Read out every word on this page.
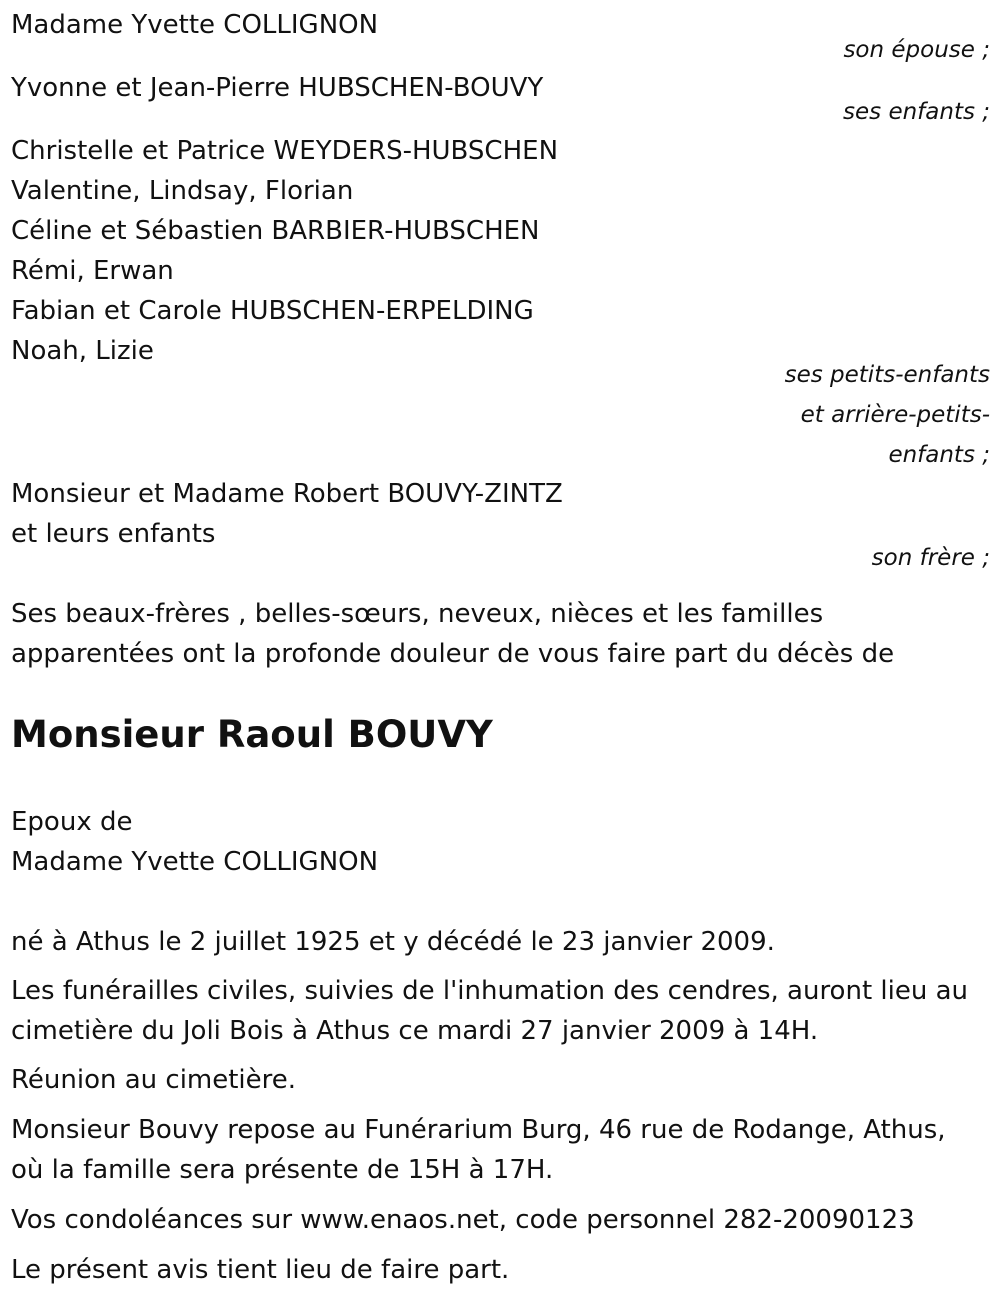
Madame Yvette COLLIGNON
son épouse ;
Yvonne et Jean-Pierre HUBSCHEN-BOUVY
ses enfants ;
Christelle et Patrice WEYDERS-HUBSCHEN
Valentine, Lindsay, Florian
Céline et Sébastien BARBIER-HUBSCHEN
Rémi, Erwan
Fabian et Carole HUBSCHEN-ERPELDING
Noah, Lizie
ses petits-enfants
et arrière-petits-
enfants ;
Monsieur et Madame Robert BOUVY-ZINTZ
et leurs enfants
son frère ;
Ses beaux-frères , belles-sœurs, neveux, nièces et les familles
apparentées ont la profonde douleur de vous faire part du décès de
Monsieur Raoul BOUVY
Epoux de
Madame Yvette COLLIGNON
né à Athus le 2 juillet 1925 et y décédé le 23 janvier 2009.
Les funérailles civiles, suivies de l'inhumation des cendres, auront lieu au
cimetière du Joli Bois à Athus ce mardi 27 janvier 2009 à 14H.
Réunion au cimetière.
Monsieur Bouvy repose au Funérarium Burg, 46 rue de Rodange, Athus,
où la famille sera présente de 15H à 17H.
Vos condoléances sur www.enaos.net, code personnel 282-20090123
Le présent avis tient lieu de faire part.
